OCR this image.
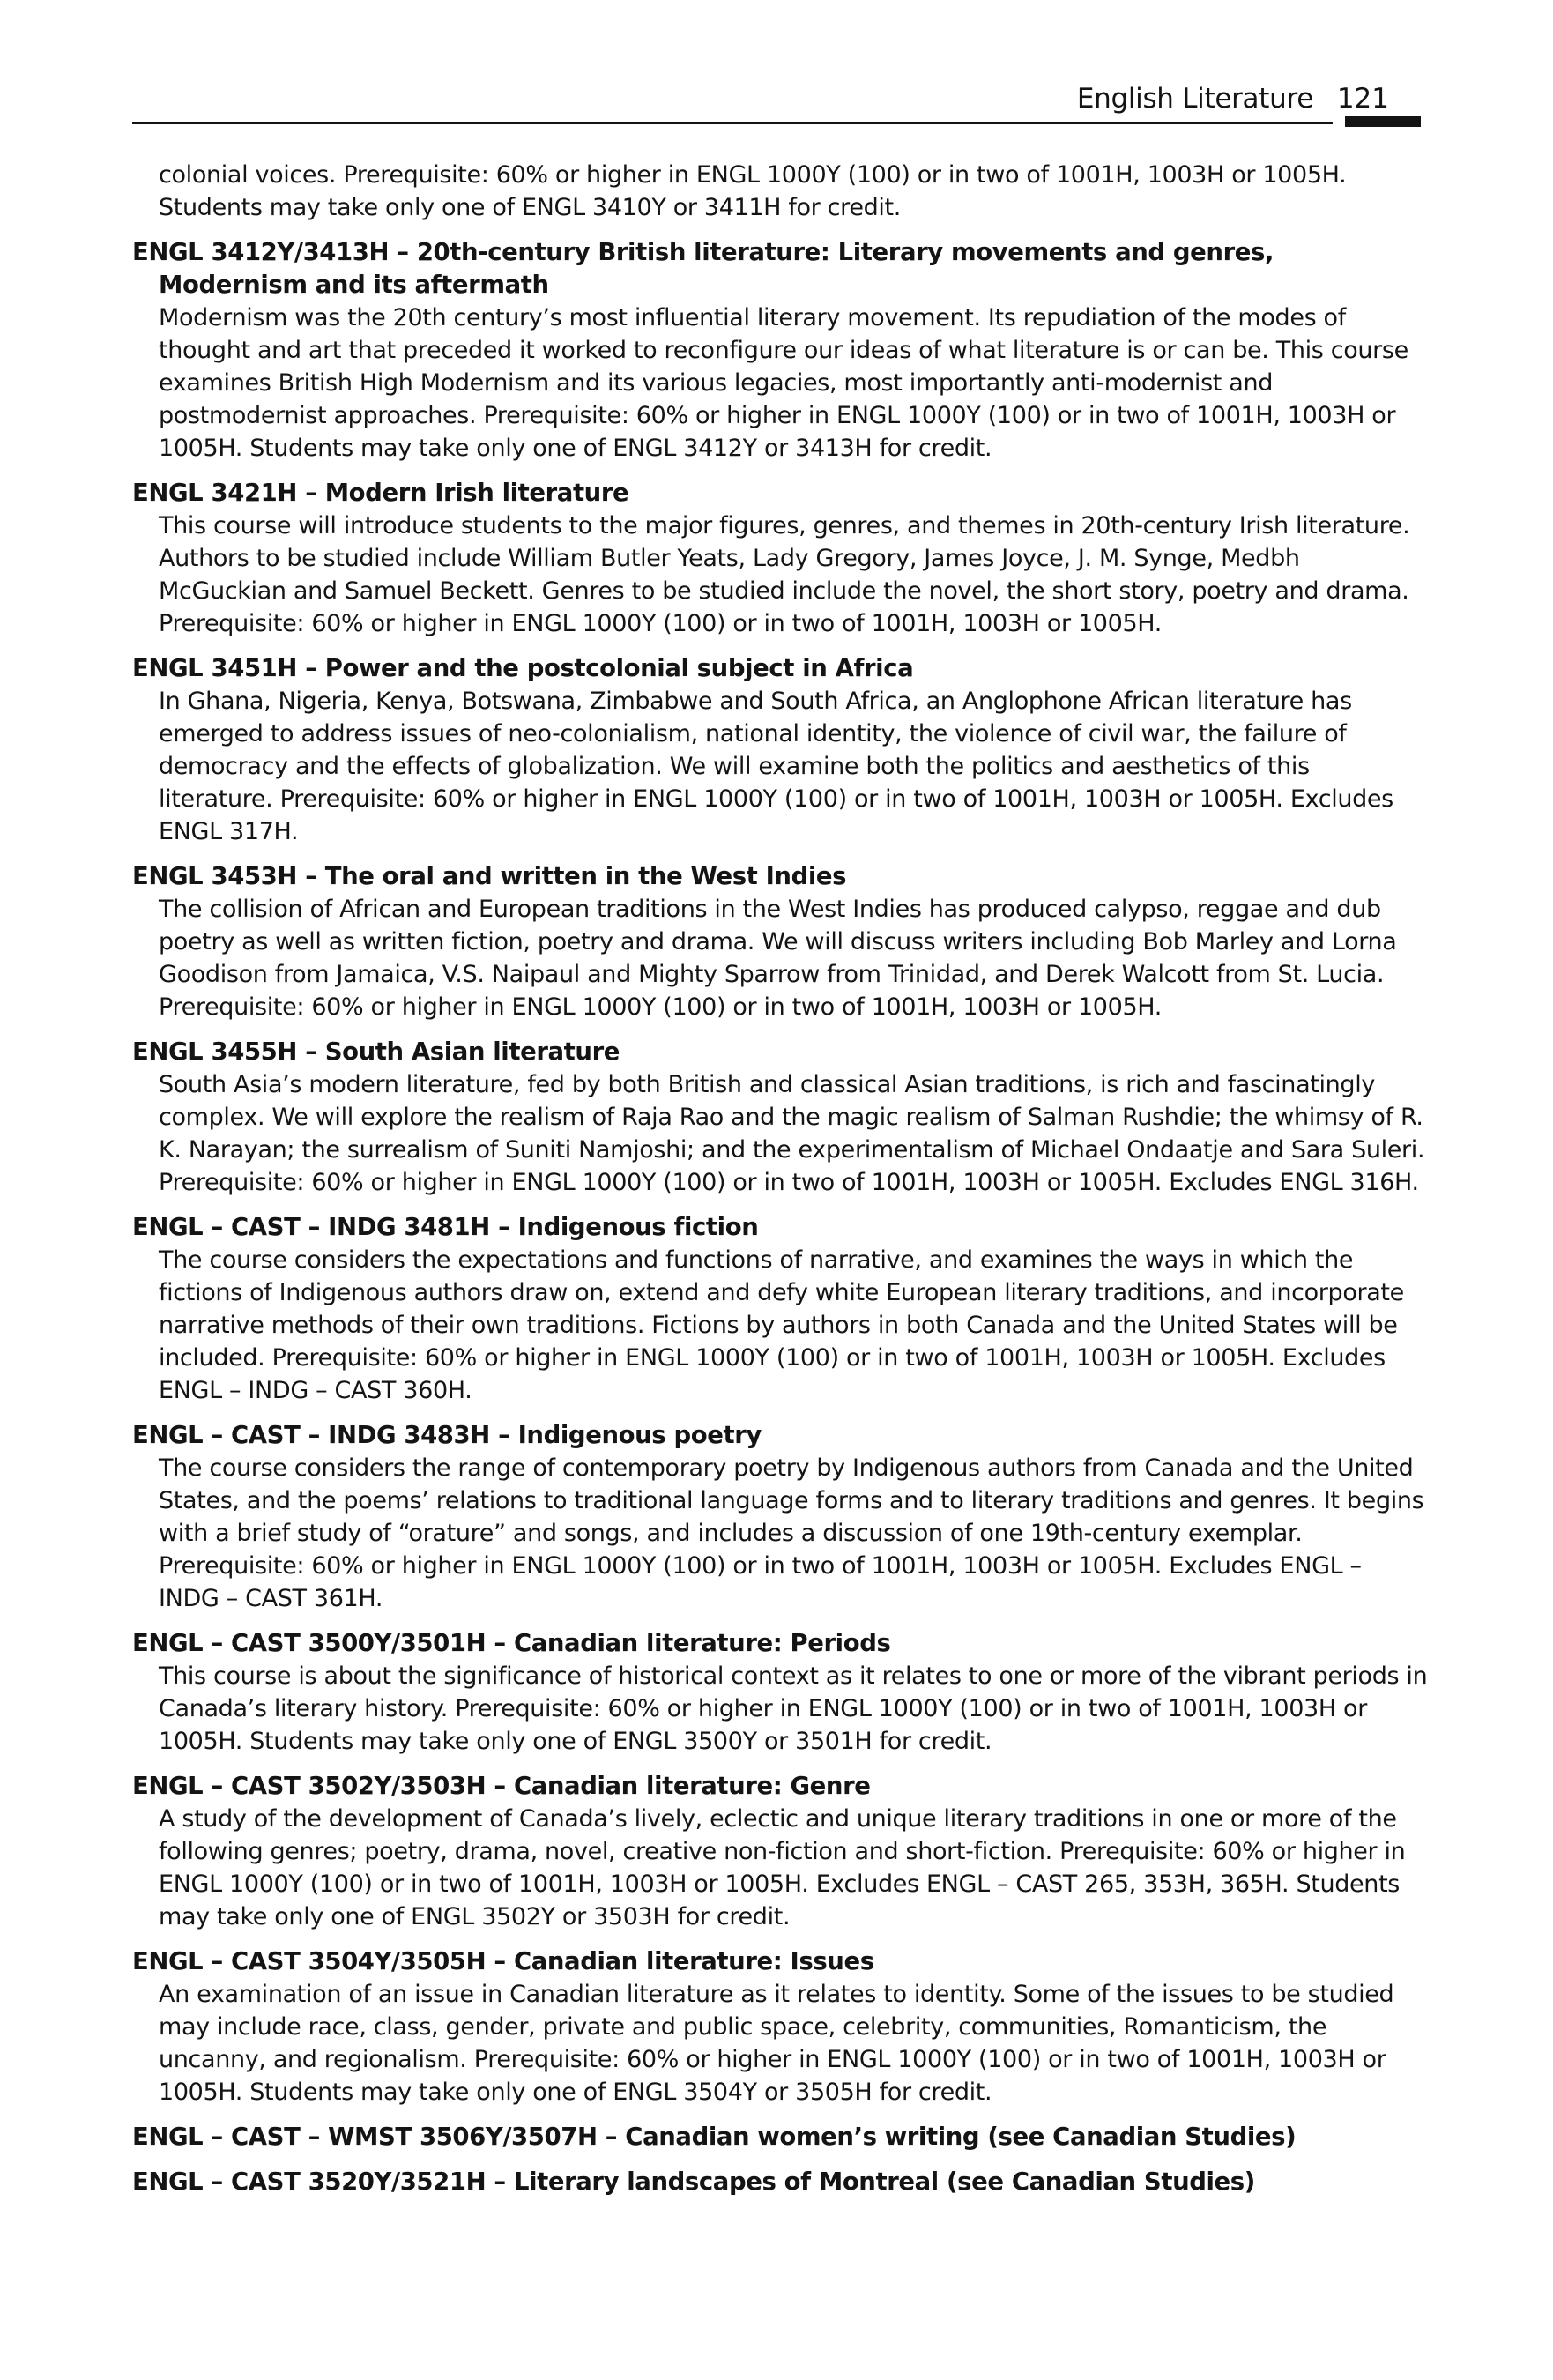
English Literature 121

colonial voices. Prerequisite: 60% or higher in ENGL 1000Y (100) or in two of 1001H, 1003H or 1005H. Students may take only one of ENGL 3410Y or 3411H for credit.

ENGL 3412Y/3413H – 20th-century British literature: Literary movements and genres, Modernism and its aftermath

Modernism was the 20th century’s most influential literary movement. Its repudiation of the modes of thought and art that preceded it worked to reconfigure our ideas of what literature is or can be. This course examines British High Modernism and its various legacies, most importantly anti-modernist and postmodernist approaches. Prerequisite: 60% or higher in ENGL 1000Y (100) or in two of 1001H, 1003H or 1005H. Students may take only one of ENGL 3412Y or 3413H for credit.

ENGL 3421H – Modern Irish literature

This course will introduce students to the major figures, genres, and themes in 20th-century Irish literature. Authors to be studied include William Butler Yeats, Lady Gregory, James Joyce, J. M. Synge, Medbh McGuckian and Samuel Beckett. Genres to be studied include the novel, the short story, poetry and drama. Prerequisite: 60% or higher in ENGL 1000Y (100) or in two of 1001H, 1003H or 1005H.

ENGL 3451H – Power and the postcolonial subject in Africa

In Ghana, Nigeria, Kenya, Botswana, Zimbabwe and South Africa, an Anglophone African literature has emerged to address issues of neo-colonialism, national identity, the violence of civil war, the failure of democracy and the effects of globalization. We will examine both the politics and aesthetics of this literature. Prerequisite: 60% or higher in ENGL 1000Y (100) or in two of 1001H, 1003H or 1005H. Excludes ENGL 317H.

ENGL 3453H – The oral and written in the West Indies

The collision of African and European traditions in the West Indies has produced calypso, reggae and dub poetry as well as written fiction, poetry and drama. We will discuss writers including Bob Marley and Lorna Goodison from Jamaica, V.S. Naipaul and Mighty Sparrow from Trinidad, and Derek Walcott from St. Lucia. Prerequisite: 60% or higher in ENGL 1000Y (100) or in two of 1001H, 1003H or 1005H.

ENGL 3455H – South Asian literature

South Asia’s modern literature, fed by both British and classical Asian traditions, is rich and fascinatingly complex. We will explore the realism of Raja Rao and the magic realism of Salman Rushdie; the whimsy of R. K. Narayan; the surrealism of Suniti Namjoshi; and the experimentalism of Michael Ondaatje and Sara Suleri. Prerequisite: 60% or higher in ENGL 1000Y (100) or in two of 1001H, 1003H or 1005H. Excludes ENGL 316H.

ENGL – CAST – INDG 3481H – Indigenous fiction

The course considers the expectations and functions of narrative, and examines the ways in which the fictions of Indigenous authors draw on, extend and defy white European literary traditions, and incorporate narrative methods of their own traditions. Fictions by authors in both Canada and the United States will be included. Prerequisite: 60% or higher in ENGL 1000Y (100) or in two of 1001H, 1003H or 1005H. Excludes ENGL – INDG – CAST 360H.

ENGL – CAST – INDG 3483H – Indigenous poetry

The course considers the range of contemporary poetry by Indigenous authors from Canada and the United States, and the poems’ relations to traditional language forms and to literary traditions and genres. It begins with a brief study of “orature” and songs, and includes a discussion of one 19th-century exemplar. Prerequisite: 60% or higher in ENGL 1000Y (100) or in two of 1001H, 1003H or 1005H. Excludes ENGL – INDG – CAST 361H.

ENGL – CAST 3500Y/3501H – Canadian literature: Periods

This course is about the significance of historical context as it relates to one or more of the vibrant periods in Canada’s literary history. Prerequisite: 60% or higher in ENGL 1000Y (100) or in two of 1001H, 1003H or 1005H. Students may take only one of ENGL 3500Y or 3501H for credit.

ENGL – CAST 3502Y/3503H – Canadian literature: Genre

A study of the development of Canada’s lively, eclectic and unique literary traditions in one or more of the following genres; poetry, drama, novel, creative non-fiction and short-fiction. Prerequisite: 60% or higher in ENGL 1000Y (100) or in two of 1001H, 1003H or 1005H. Excludes ENGL – CAST 265, 353H, 365H. Students may take only one of ENGL 3502Y or 3503H for credit.

ENGL – CAST 3504Y/3505H – Canadian literature: Issues

An examination of an issue in Canadian literature as it relates to identity. Some of the issues to be studied may include race, class, gender, private and public space, celebrity, communities, Romanticism, the uncanny, and regionalism. Prerequisite: 60% or higher in ENGL 1000Y (100) or in two of 1001H, 1003H or 1005H. Students may take only one of ENGL 3504Y or 3505H for credit.

ENGL – CAST – WMST 3506Y/3507H – Canadian women’s writing (see Canadian Studies)

ENGL – CAST 3520Y/3521H – Literary landscapes of Montreal (see Canadian Studies)
